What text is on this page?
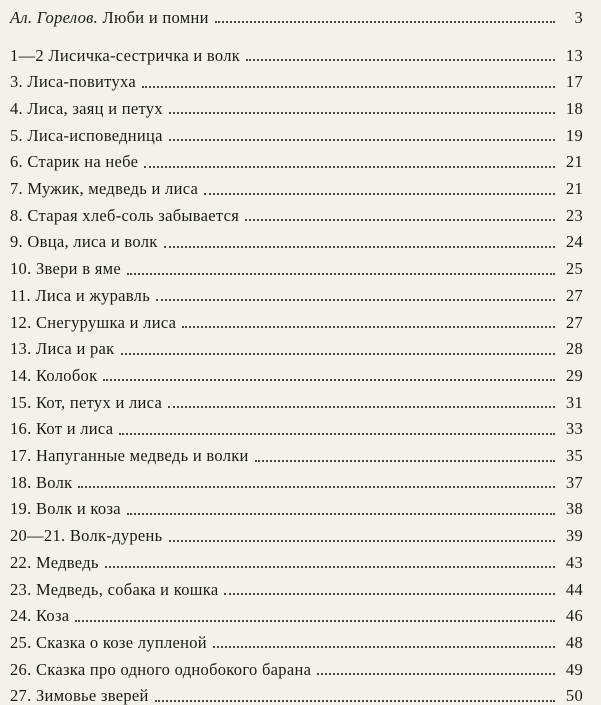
Ал. Горелов. Люби и помни	3
1—2 Лисичка-сестричка и волк	13
3. Лиса-повитуха	17
4. Лиса, заяц и петух	18
5. Лиса-исповедница	19
6. Старик на небе	21
7. Мужик, медведь и лиса	21
8. Старая хлеб-соль забывается	23
9. Овца, лиса и волк	24
10. Звери в яме	25
11. Лиса и журавль	27
12. Снегурушка и лиса	27
13. Лиса и рак	28
14. Колобок	29
15. Кот, петух и лиса	31
16. Кот и лиса	33
17. Напуганные медведь и волки	35
18. Волк	37
19. Волк и коза	38
20—21. Волк-дурень	39
22. Медведь	43
23. Медведь, собака и кошка	44
24. Коза	46
25. Сказка о козе лупленой	48
26. Сказка про одного однобокого барана	49
27. Зимовье зверей	50
